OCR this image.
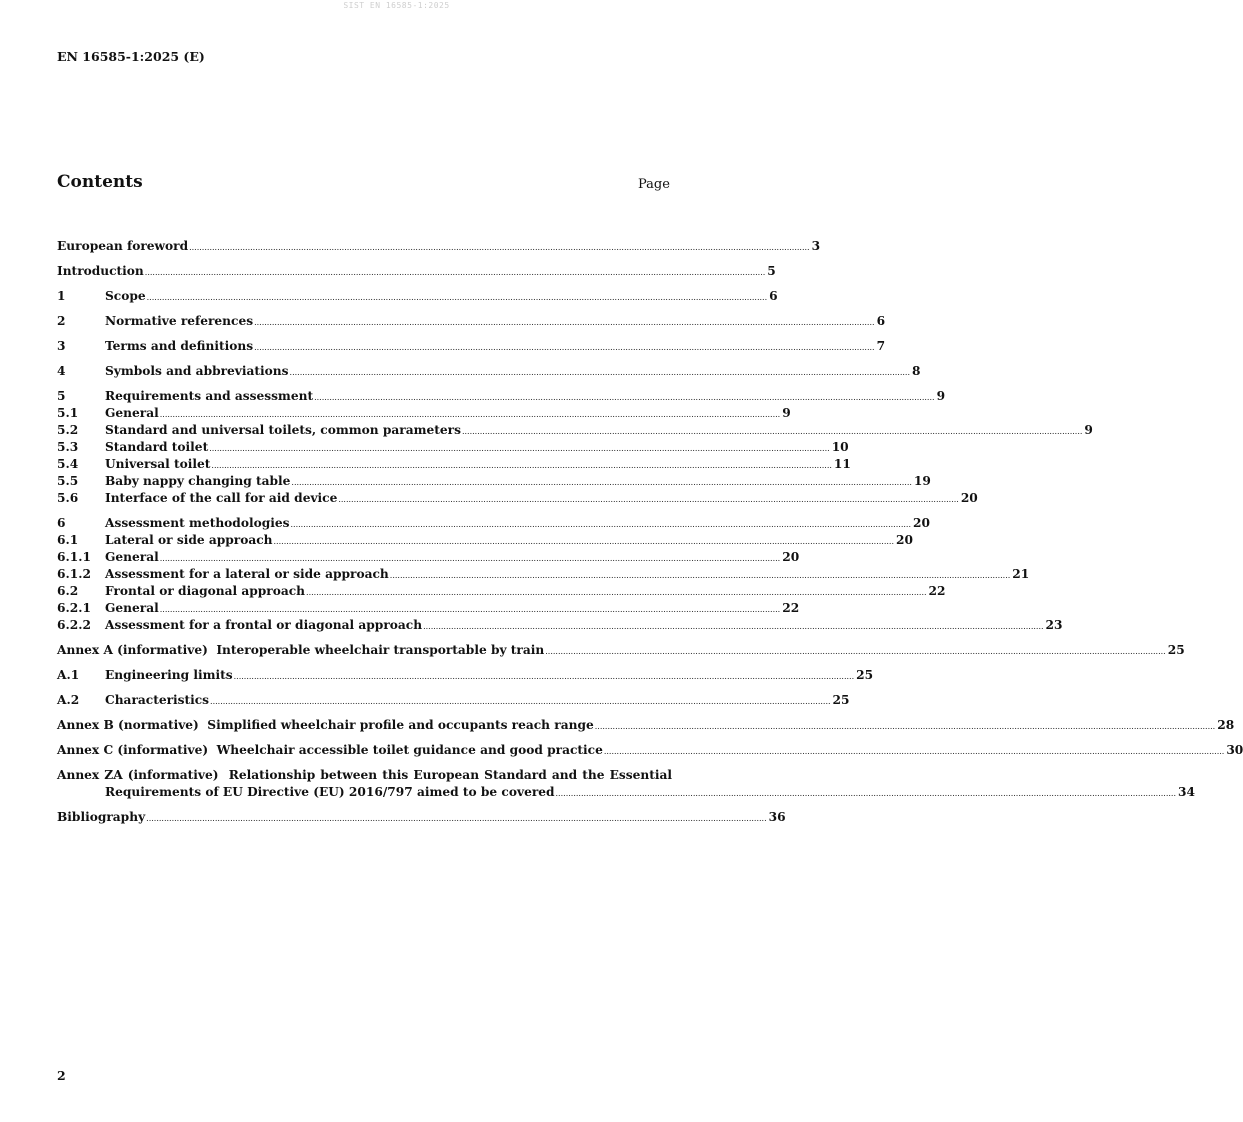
SIST EN 16585-1:2025
EN 16585-1:2025 (E)
Contents	Page
European foreword .................................................................................................................................................................................................................................................... 3
Introduction .................................................................................................................................................................................................................................................... 5
1	Scope .................................................................................................................................................................................................................................................... 6
2	Normative references .................................................................................................................................................................................................................................................... 6
3	Terms and definitions .................................................................................................................................................................................................................................................... 7
4	Symbols and abbreviations .................................................................................................................................................................................................................................................... 8
5	Requirements and assessment .................................................................................................................................................................................................................................................... 9
5.1	General .................................................................................................................................................................................................................................................... 9
5.2	Standard and universal toilets, common parameters .................................................................................................................................................................................................................................................... 9
5.3	Standard toilet .................................................................................................................................................................................................................................................... 10
5.4	Universal toilet .................................................................................................................................................................................................................................................... 11
5.5	Baby nappy changing table .................................................................................................................................................................................................................................................... 19
5.6	Interface of the call for aid device .................................................................................................................................................................................................................................................... 20
6	Assessment methodologies .................................................................................................................................................................................................................................................... 20
6.1	Lateral or side approach .................................................................................................................................................................................................................................................... 20
6.1.1	General .................................................................................................................................................................................................................................................... 20
6.1.2	Assessment for a lateral or side approach .................................................................................................................................................................................................................................................... 21
6.2	Frontal or diagonal approach .................................................................................................................................................................................................................................................... 22
6.2.1	General .................................................................................................................................................................................................................................................... 22
6.2.2	Assessment for a frontal or diagonal approach .................................................................................................................................................................................................................................................... 23
Annex A (informative)  Interoperable wheelchair transportable by train .................................................................................................................................................................................................................................................... 25
A.1	Engineering limits .................................................................................................................................................................................................................................................... 25
A.2	Characteristics .................................................................................................................................................................................................................................................... 25
Annex B (normative)  Simplified wheelchair profile and occupants reach range .................................................................................................................................................................................................................................................... 28
Annex C (informative)  Wheelchair accessible toilet guidance and good practice .................................................................................................................................................................................................................................................... 30
Annex ZA (informative)  Relationship between this European Standard and the Essential
Requirements of EU Directive (EU) 2016/797 aimed to be covered .................................................................................................................................................................................................................................................... 34
Bibliography .................................................................................................................................................................................................................................................... 36
2
